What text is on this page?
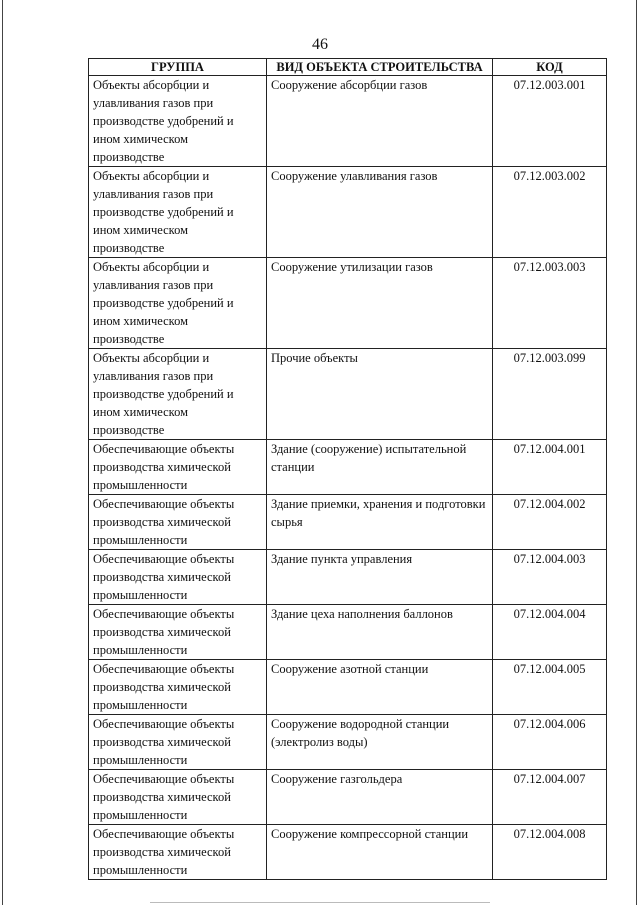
46
ГРУППА	ВИД ОБЪЕКТА СТРОИТЕЛЬСТВА	КОД
Объекты абсорбции и улавливания газов при производстве удобрений и ином химическом производстве	Сооружение абсорбции газов	07.12.003.001
Объекты абсорбции и улавливания газов при производстве удобрений и ином химическом производстве	Сооружение улавливания газов	07.12.003.002
Объекты абсорбции и улавливания газов при производстве удобрений и ином химическом производстве	Сооружение утилизации газов	07.12.003.003
Объекты абсорбции и улавливания газов при производстве удобрений и ином химическом производстве	Прочие объекты	07.12.003.099
Обеспечивающие объекты производства химической промышленности	Здание (сооружение) испытательной станции	07.12.004.001
Обеспечивающие объекты производства химической промышленности	Здание приемки, хранения и подготовки сырья	07.12.004.002
Обеспечивающие объекты производства химической промышленности	Здание пункта управления	07.12.004.003
Обеспечивающие объекты производства химической промышленности	Здание цеха наполнения баллонов	07.12.004.004
Обеспечивающие объекты производства химической промышленности	Сооружение азотной станции	07.12.004.005
Обеспечивающие объекты производства химической промышленности	Сооружение водородной станции (электролиз воды)	07.12.004.006
Обеспечивающие объекты производства химической промышленности	Сооружение газгольдера	07.12.004.007
Обеспечивающие объекты производства химической промышленности	Сооружение компрессорной станции	07.12.004.008
